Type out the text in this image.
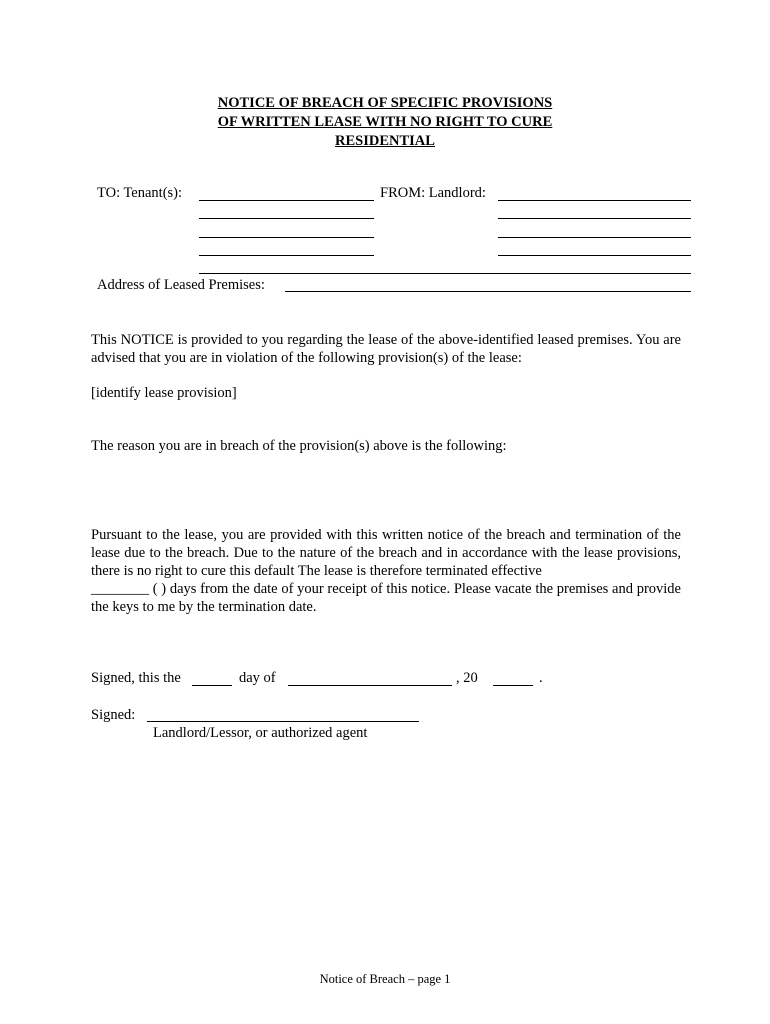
NOTICE OF BREACH OF SPECIFIC PROVISIONS
OF WRITTEN LEASE WITH NO RIGHT TO CURE
RESIDENTIAL
TO: Tenant(s):	FROM: Landlord:
Address of Leased Premises:
This NOTICE is provided to you regarding the lease of the above-identified leased premises. You are advised that you are in violation of the following provision(s) of the lease:
[identify lease provision]
The reason you are in breach of the provision(s) above is the following:
Pursuant to the lease, you are provided with this written notice of the breach and termination of the lease due to the breach. Due to the nature of the breach and in accordance with the lease provisions, there is no right to cure this default The lease is therefore terminated effective
________ ( ) days from the date of your receipt of this notice. Please vacate the premises and provide the keys to me by the termination date.
Signed, this the	day of	, 20	.
Signed:
Landlord/Lessor, or authorized agent
Notice of Breach – page 1
